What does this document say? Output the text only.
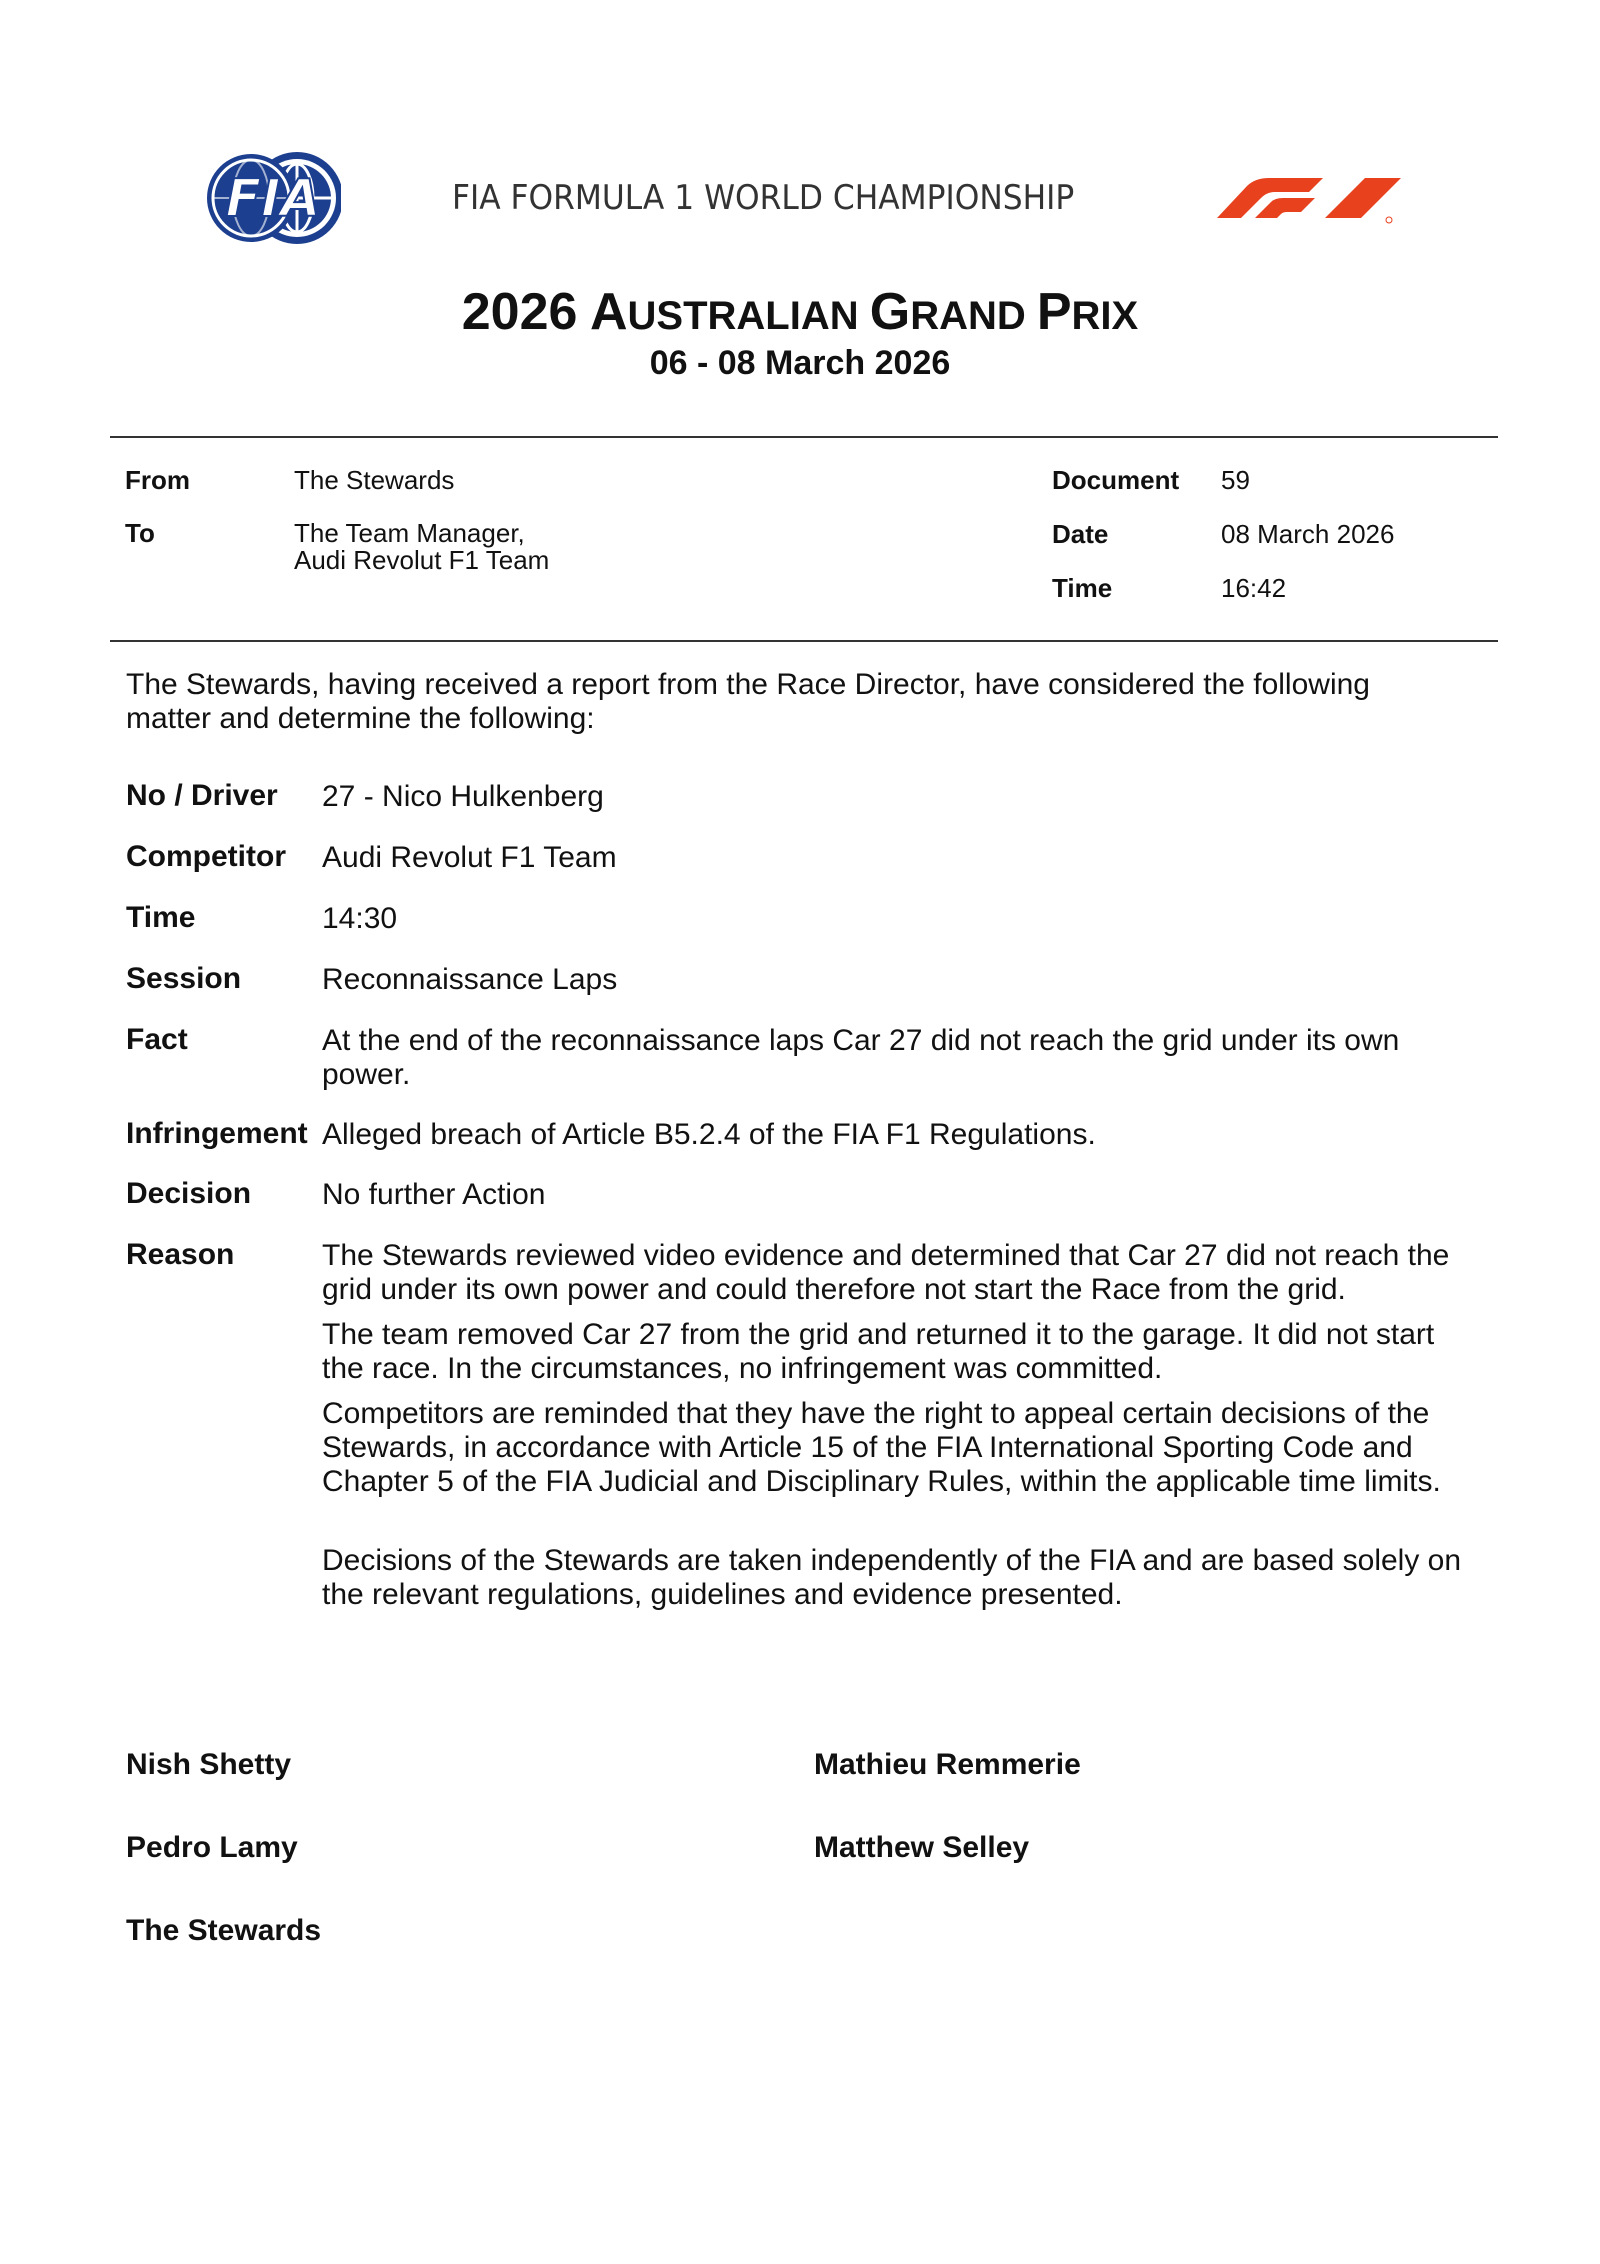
FIA	FIA FORMULA 1 WORLD CHAMPIONSHIP
2026 AUSTRALIAN GRAND PRIX
06 - 08 March 2026
From	The Stewards
To	The Team Manager,
Audi Revolut F1 Team
Document 59
Date	08 March 2026
Time	16:42
The Stewards, having received a report from the Race Director, have considered the following matter and determine the following:
No / Driver 27 - Nico Hulkenberg
Competitor Audi Revolut F1 Team
Time	14:30
Session	Reconnaissance Laps
Fact	At the end of the reconnaissance laps Car 27 did not reach the grid under its own power.
Infringement Alleged breach of Article B5.2.4 of the FIA F1 Regulations.
Decision No further Action
Reason	The Stewards reviewed video evidence and determined that Car 27 did not reach the grid under its own power and could therefore not start the Race from the grid.
The team removed Car 27 from the grid and returned it to the garage. It did not start the race. In the circumstances, no infringement was committed.
Competitors are reminded that they have the right to appeal certain decisions of the Stewards, in accordance with Article 15 of the FIA International Sporting Code and Chapter 5 of the FIA Judicial and Disciplinary Rules, within the applicable time limits.
Decisions of the Stewards are taken independently of the FIA and are based solely on the relevant regulations, guidelines and evidence presented.
Nish Shetty	Mathieu Remmerie
Pedro Lamy	Matthew Selley
The Stewards
